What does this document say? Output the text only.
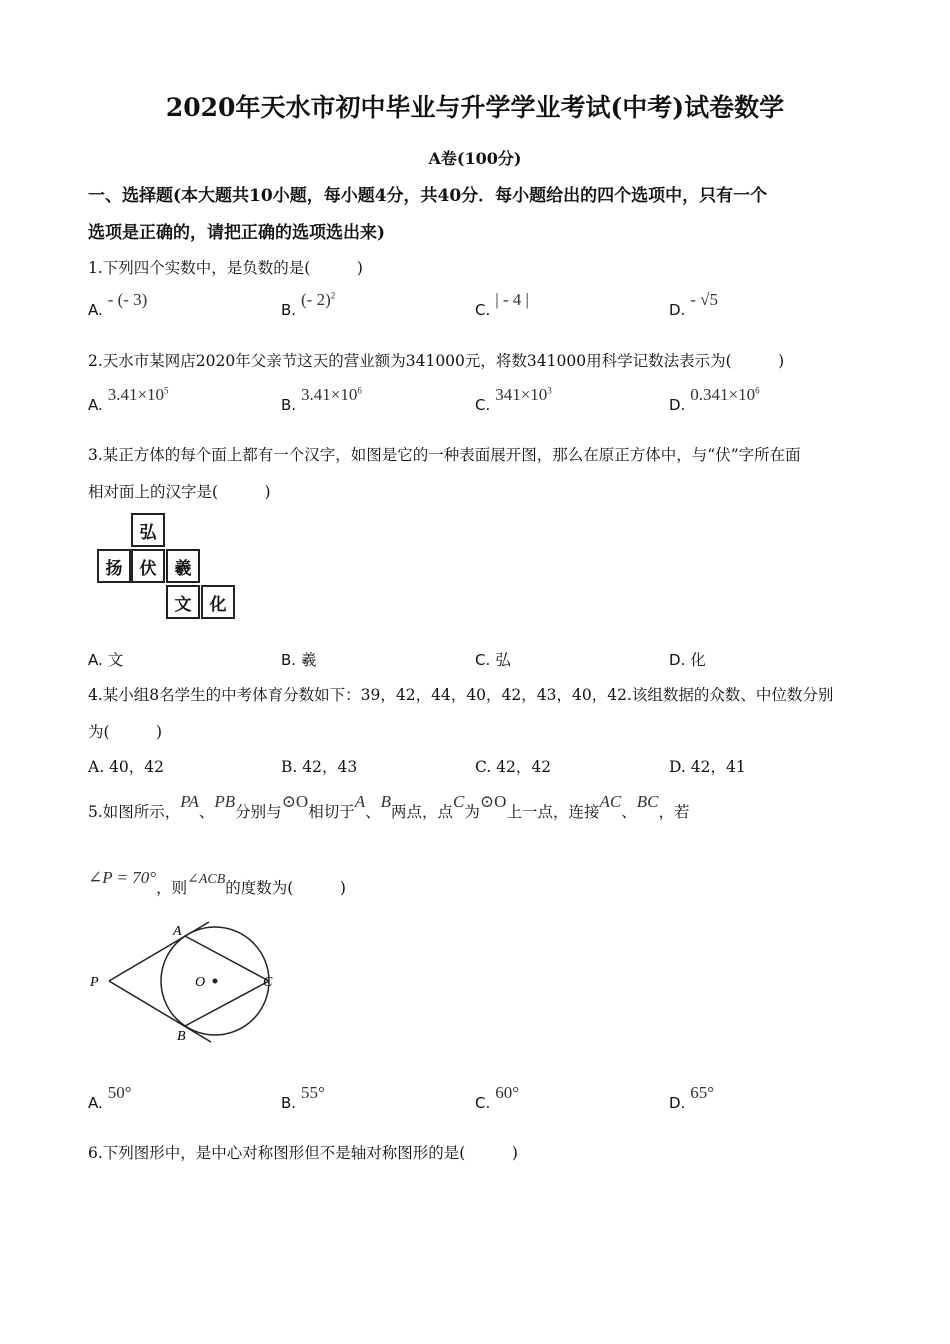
2020年天水市初中毕业与升学学业考试(中考)试卷数学
A卷(100分)
一、选择题(本大题共10小题，每小题4分，共40分．每小题给出的四个选项中，只有一个
选项是正确的，请把正确的选项选出来)
1.下列四个实数中，是负数的是(　　　)
A. - (- 3)
B. (- 2)$^2$
C. | - 4 |
D. - √5
2.天水市某网店2020年父亲节这天的营业额为341000元，将数341000用科学记数法表示为(　　　)
A. $3.41\times 10^5$
B. $3.41\times 10^6$
C. $341\times 10^3$
D. $0.341\times 10^6$
3.某正方体的每个面上都有一个汉字，如图是它的一种表面展开图，那么在原正方体中，与“伏”字所在面
相对面上的汉字是(　　　)
弘
扬	伏	羲
文	化
A. 文	B. 羲	C. 弘	D. 化
4.某小组8名学生的中考体育分数如下：39，42，44，40，42，43，40，42.该组数据的众数、中位数分别
为(　　　)
A. 40，42	B. 42，43	C. 42，42	D. 42，41
5.如图所示，PA、PB分别与⊙O相切于A、B两点，点C为⊙O上一点，连接AC、BC，若
∠P = 70°，则∠ACB的度数为(　　　)
A
B
C
O
P
A. 50°
B. 55°
C. 60°
D. 65°
6.下列图形中，是中心对称图形但不是轴对称图形的是(　　　)
